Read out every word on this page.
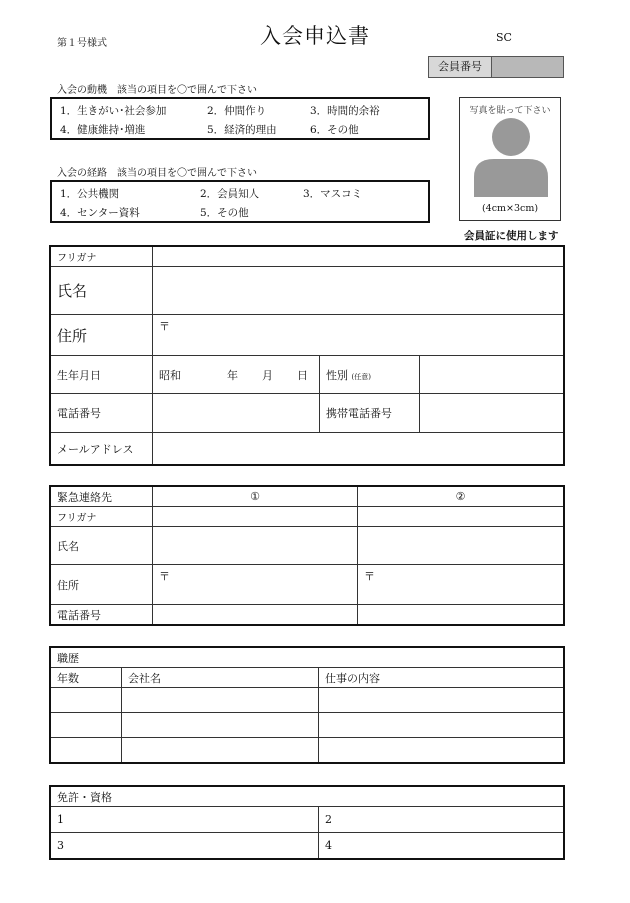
第１号様式	入会申込書	SC
会員番号
入会の動機　該当の項目を〇で囲んで下さい
1．生きがい･社会参加	2．仲間作り	3．時間的余裕
4．健康維持･増進	5．経済的理由	6．その他
入会の経路　該当の項目を〇で囲んで下さい
1．公共機関	2．会員知人	3．マスコミ
4．センター資料	5．その他
写真を貼って下さい
(4cm×3cm)
会員証に使用します
フリガナ			
氏名			
住所	〒		
生年月日	昭和 年 月 日	性別 (任意)	
電話番号		携帯電話番号	
メールアドレス			
緊急連絡先	①	②
フリガナ		
氏名		
住所	〒	〒
電話番号		
職歴		
年数	会社名	仕事の内容

免許・資格	
1	2
3	4
